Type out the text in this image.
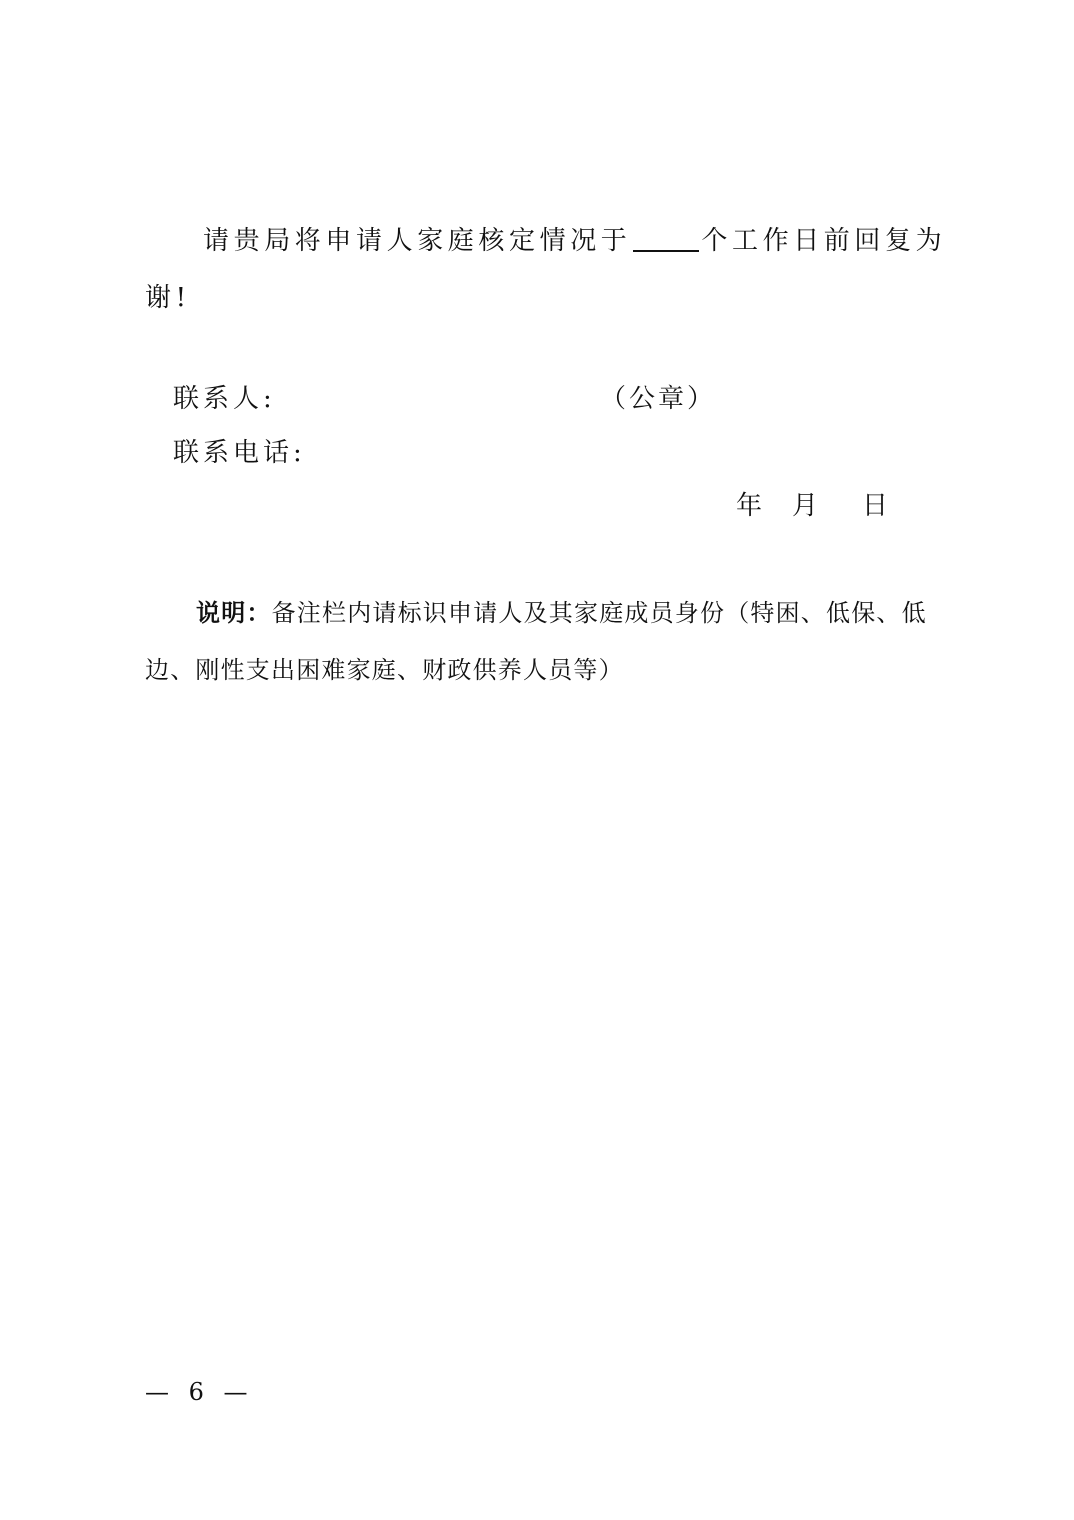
请贵局将申请人家庭核定情况于	个工作日前回复为
谢!
联系人:	（公章）
联系电话:
年 月 日
说明：备注栏内请标识申请人及其家庭成员身份（特困、低保、低
边、刚性支出困难家庭、财政供养人员等）
— 6 —
